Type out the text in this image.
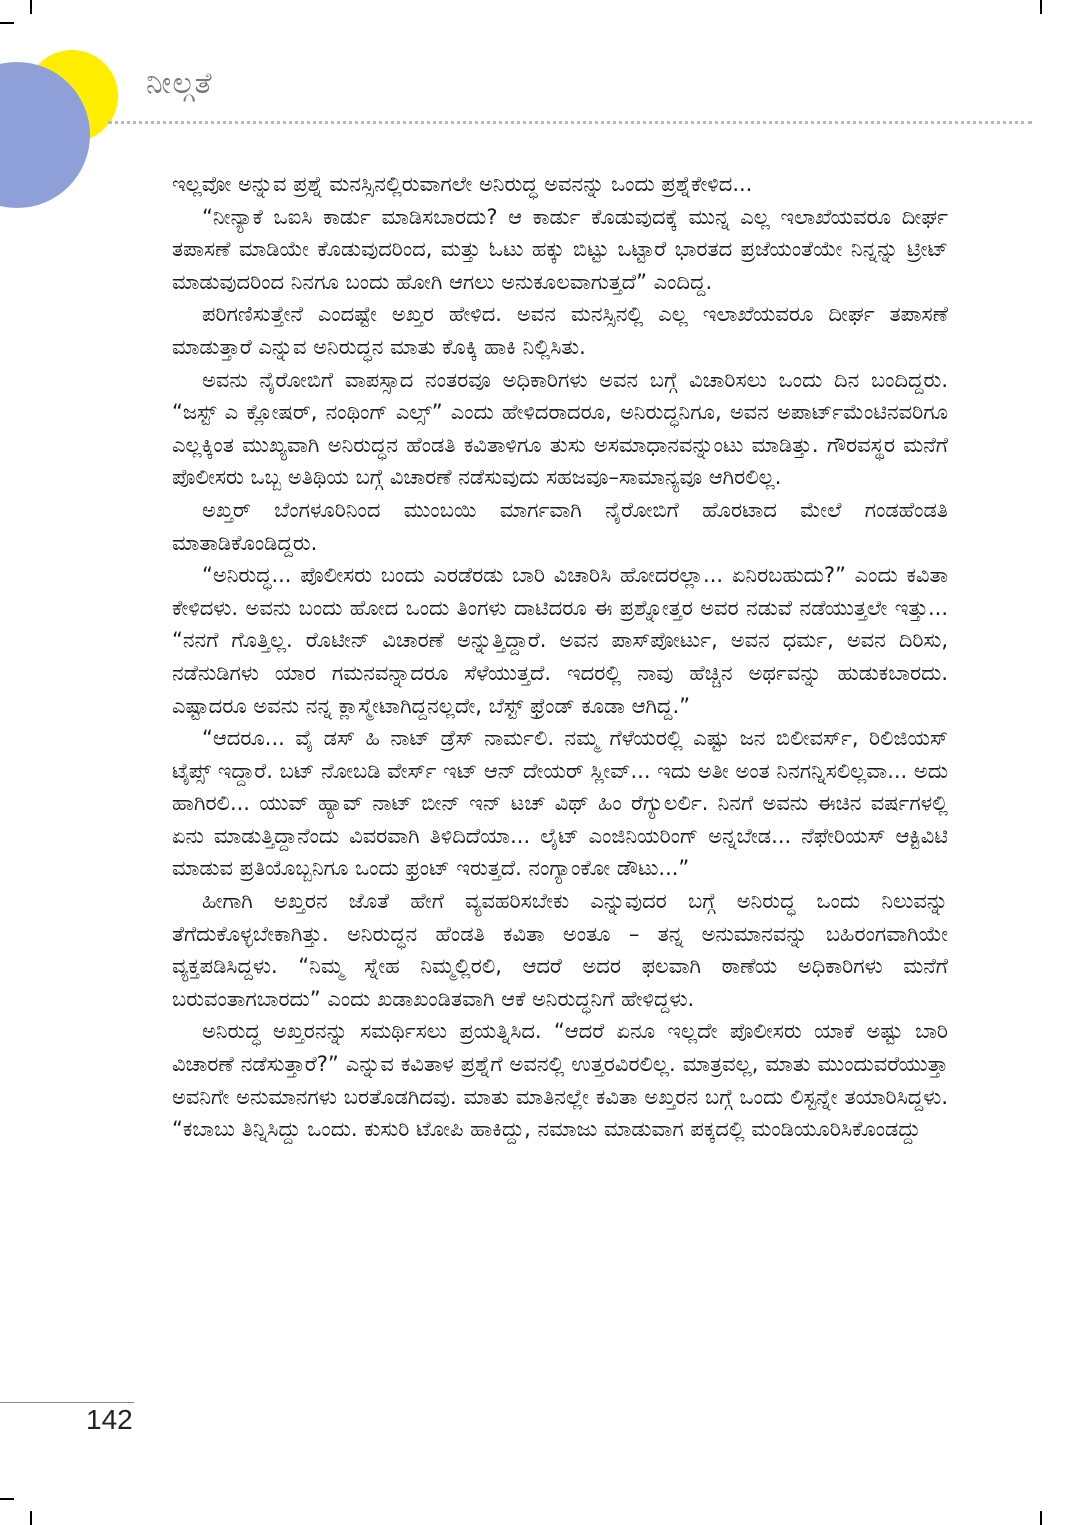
ನೀಲ್ಗತೆ

ಇಲ್ಲವೋ ಅನ್ನುವ ಪ್ರಶ್ನೆ ಮನಸ್ಸಿನಲ್ಲಿರುವಾಗಲೇ ಅನಿರುದ್ಧ ಅವನನ್ನು ಒಂದು ಪ್ರಶ್ನೆಕೇಳಿದ...

“ನೀನ್ಯಾಕೆ ಒಐಸಿ ಕಾರ್ಡು ಮಾಡಿಸಬಾರದು? ಆ ಕಾರ್ಡು ಕೊಡುವುದಕ್ಕೆ ಮುನ್ನ ಎಲ್ಲ ಇಲಾಖೆಯವರೂ ದೀರ್ಘ ತಪಾಸಣೆ ಮಾಡಿಯೇ ಕೊಡುವುದರಿಂದ, ಮತ್ತು ಓಟು ಹಕ್ಕು ಬಿಟ್ಟು ಒಟ್ಟಾರೆ ಭಾರತದ ಪ್ರಜೆಯಂತೆಯೇ ನಿನ್ನನ್ನು ಟ್ರೀಟ್ ಮಾಡುವುದರಿಂದ ನಿನಗೂ ಬಂದು ಹೋಗಿ ಆಗಲು ಅನುಕೂಲವಾಗುತ್ತದೆ” ಎಂದಿದ್ದ.

ಪರಿಗಣಿಸುತ್ತೇನೆ ಎಂದಷ್ಟೇ ಅಖ್ತರ ಹೇಳಿದ. ಅವನ ಮನಸ್ಸಿನಲ್ಲಿ ಎಲ್ಲ ಇಲಾಖೆಯವರೂ ದೀರ್ಘ ತಪಾಸಣೆ ಮಾಡುತ್ತಾರೆ ಎನ್ನುವ ಅನಿರುದ್ಧನ ಮಾತು ಕೊಕ್ಕಿ ಹಾಕಿ ನಿಲ್ಲಿಸಿತು.

ಅವನು ನೈರೋಬಿಗೆ ವಾಪಸ್ಸಾದ ನಂತರವೂ ಅಧಿಕಾರಿಗಳು ಅವನ ಬಗ್ಗೆ ವಿಚಾರಿಸಲು ಒಂದು ದಿನ ಬಂದಿದ್ದರು. “ಜಸ್ಟ್ ಎ ಕ್ಲೋಷರ್, ನಂಥಿಂಗ್ ಎಲ್ಸ್” ಎಂದು ಹೇಳಿದರಾದರೂ, ಅನಿರುದ್ಧನಿಗೂ, ಅವನ ಅಪಾರ್ಟ್‌ಮೆಂಟಿನವರಿಗೂ ಎಲ್ಲಕ್ಕಿಂತ ಮುಖ್ಯವಾಗಿ ಅನಿರುದ್ಧನ ಹೆಂಡತಿ ಕವಿತಾಳಿಗೂ ತುಸು ಅಸಮಾಧಾನವನ್ನುಂಟು ಮಾಡಿತ್ತು. ಗೌರವಸ್ಥರ ಮನೆಗೆ ಪೊಲೀಸರು ಒಬ್ಬ ಅತಿಥಿಯ ಬಗ್ಗೆ ವಿಚಾರಣೆ ನಡೆಸುವುದು ಸಹಜವೂ–ಸಾಮಾನ್ಯವೂ ಆಗಿರಲಿಲ್ಲ.

ಅಖ್ತರ್ ಬೆಂಗಳೂರಿನಿಂದ ಮುಂಬಯಿ ಮಾರ್ಗವಾಗಿ ನೈರೋಬಿಗೆ ಹೊರಟಾದ ಮೇಲೆ ಗಂಡಹೆಂಡತಿ ಮಾತಾಡಿಕೊಂಡಿದ್ದರು.

“ಅನಿರುದ್ಧ... ಪೊಲೀಸರು ಬಂದು ಎರಡೆರಡು ಬಾರಿ ವಿಚಾರಿಸಿ ಹೋದರಲ್ಲಾ... ಏನಿರಬಹುದು?” ಎಂದು ಕವಿತಾ ಕೇಳಿದಳು. ಅವನು ಬಂದು ಹೋದ ಒಂದು ತಿಂಗಳು ದಾಟಿದರೂ ಈ ಪ್ರಶ್ನೋತ್ತರ ಅವರ ನಡುವೆ ನಡೆಯುತ್ತಲೇ ಇತ್ತು... “ನನಗೆ ಗೊತ್ತಿಲ್ಲ. ರೊಟೀನ್ ವಿಚಾರಣೆ ಅನ್ನುತ್ತಿದ್ದಾರೆ. ಅವನ ಪಾಸ್‌ಪೋರ್ಟು, ಅವನ ಧರ್ಮ, ಅವನ ದಿರಿಸು, ನಡೆನುಡಿಗಳು ಯಾರ ಗಮನವನ್ನಾದರೂ ಸೆಳೆಯುತ್ತದೆ. ಇದರಲ್ಲಿ ನಾವು ಹೆಚ್ಚಿನ ಅರ್ಥವನ್ನು ಹುಡುಕಬಾರದು. ಎಷ್ಟಾದರೂ ಅವನು ನನ್ನ ಕ್ಲಾಸ್ಮೇಟಾಗಿದ್ದನಲ್ಲದೇ, ಬೆಸ್ಟ್ ಫ್ರೆಂಡ್ ಕೂಡಾ ಆಗಿದ್ದ.”

“ಆದರೂ... ವೈ ಡಸ್ ಹಿ ನಾಟ್ ಡ್ರೆಸ್ ನಾರ್ಮಲಿ. ನಮ್ಮ ಗೆಳೆಯರಲ್ಲಿ ಎಷ್ಟು ಜನ ಬಿಲೀವರ್ಸ್, ರಿಲಿಜಿಯಸ್ ಟೈಪ್ಸ್ ಇದ್ದಾರೆ. ಬಟ್ ನೋಬಡಿ ವೇರ್ಸ್ ಇಟ್ ಆನ್ ದೇಯರ್ ಸ್ಲೀವ್... ಇದು ಅತೀ ಅಂತ ನಿನಗನ್ನಿಸಲಿಲ್ಲವಾ... ಅದು ಹಾಗಿರಲಿ... ಯುವ್ ಹ್ಯಾವ್ ನಾಟ್ ಬೀನ್ ಇನ್ ಟಚ್ ವಿಥ್ ಹಿಂ ರೆಗ್ಯುಲರ್ಲಿ. ನಿನಗೆ ಅವನು ಈಚಿನ ವರ್ಷಗಳಲ್ಲಿ ಏನು ಮಾಡುತ್ತಿದ್ದಾನೆಂದು ವಿವರವಾಗಿ ತಿಳಿದಿದೆಯಾ... ಲೈಟ್ ಎಂಜಿನಿಯರಿಂಗ್ ಅನ್ನಬೇಡ... ನೆಫೇರಿಯಸ್ ಆಕ್ಟಿವಿಟಿ ಮಾಡುವ ಪ್ರತಿಯೊಬ್ಬನಿಗೂ ಒಂದು ಫ್ರಂಟ್ ಇರುತ್ತದೆ. ನಂಗ್ಯಾಂಕೋ ಡೌಟು...”

ಹೀಗಾಗಿ ಅಖ್ತರನ ಜೊತೆ ಹೇಗೆ ವ್ಯವಹರಿಸಬೇಕು ಎನ್ನುವುದರ ಬಗ್ಗೆ ಅನಿರುದ್ಧ ಒಂದು ನಿಲುವನ್ನು ತೆಗೆದುಕೊಳ್ಳಬೇಕಾಗಿತ್ತು. ಅನಿರುದ್ಧನ ಹೆಂಡತಿ ಕವಿತಾ ಅಂತೂ – ತನ್ನ ಅನುಮಾನವನ್ನು ಬಹಿರಂಗವಾಗಿಯೇ ವ್ಯಕ್ತಪಡಿಸಿದ್ದಳು. “ನಿಮ್ಮ ಸ್ನೇಹ ನಿಮ್ಮಲ್ಲಿರಲಿ, ಆದರೆ ಅದರ ಫಲವಾಗಿ ಠಾಣೆಯ ಅಧಿಕಾರಿಗಳು ಮನೆಗೆ ಬರುವಂತಾಗಬಾರದು” ಎಂದು ಖಡಾಖಂಡಿತವಾಗಿ ಆಕೆ ಅನಿರುದ್ಧನಿಗೆ ಹೇಳಿದ್ದಳು.

ಅನಿರುದ್ಧ ಅಖ್ತರನನ್ನು ಸಮರ್ಥಿಸಲು ಪ್ರಯತ್ನಿಸಿದ. “ಆದರೆ ಏನೂ ಇಲ್ಲದೇ ಪೊಲೀಸರು ಯಾಕೆ ಅಷ್ಟು ಬಾರಿ ವಿಚಾರಣೆ ನಡೆಸುತ್ತಾರೆ?” ಎನ್ನುವ ಕವಿತಾಳ ಪ್ರಶ್ನೆಗೆ ಅವನಲ್ಲಿ ಉತ್ತರವಿರಲಿಲ್ಲ. ಮಾತ್ರವಲ್ಲ, ಮಾತು ಮುಂದುವರೆಯುತ್ತಾ ಅವನಿಗೇ ಅನುಮಾನಗಳು ಬರತೊಡಗಿದವು. ಮಾತು ಮಾತಿನಲ್ಲೇ ಕವಿತಾ ಅಖ್ತರನ ಬಗ್ಗೆ ಒಂದು ಲಿಸ್ಟನ್ನೇ ತಯಾರಿಸಿದ್ದಳು. “ಕಬಾಬು ತಿನ್ನಿಸಿದ್ದು ಒಂದು. ಕುಸುರಿ ಟೋಪಿ ಹಾಕಿದ್ದು, ನಮಾಜು ಮಾಡುವಾಗ ಪಕ್ಕದಲ್ಲಿ ಮಂಡಿಯೂರಿಸಿಕೊಂಡದ್ದು

142
